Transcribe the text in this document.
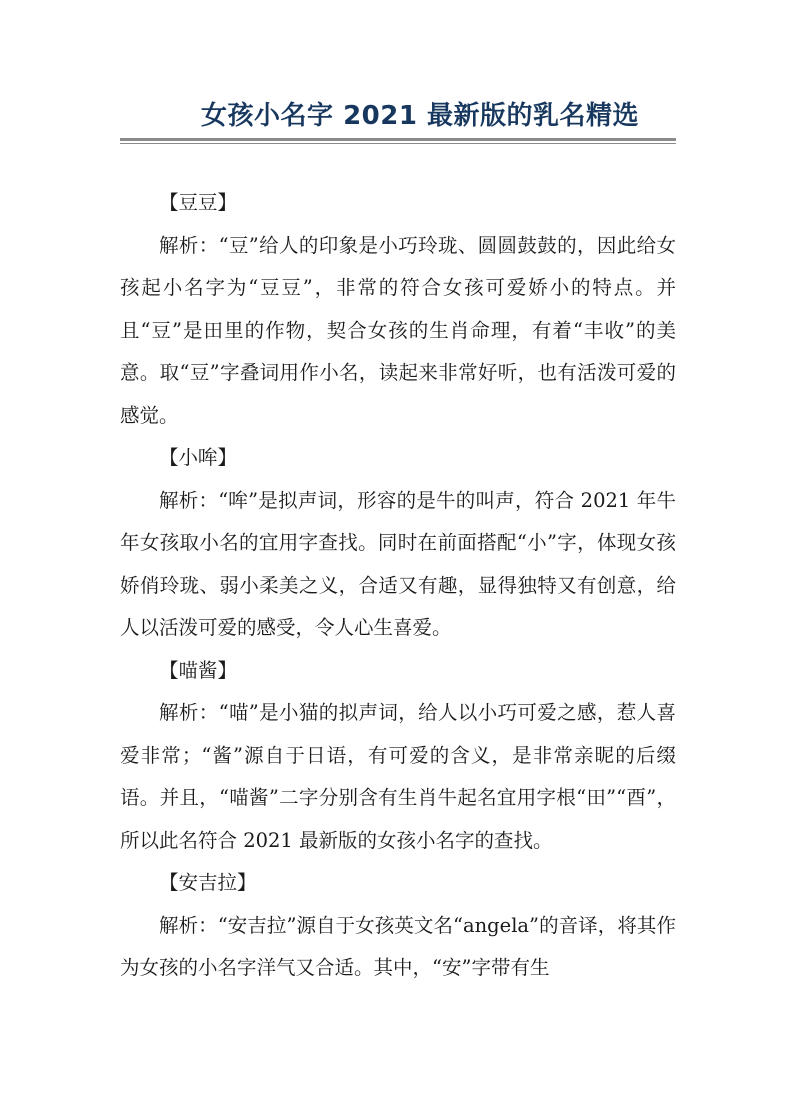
女孩小名字 2021 最新版的乳名精选

【豆豆】

解析：“豆”给人的印象是小巧玲珑、圆圆鼓鼓的，因此给女孩起小名字为“豆豆”，非常的符合女孩可爱娇小的特点。并且“豆”是田里的作物，契合女孩的生肖命理，有着“丰收”的美意。取“豆”字叠词用作小名，读起来非常好听，也有活泼可爱的感觉。

【小哞】

解析：“哞”是拟声词，形容的是牛的叫声，符合 2021 年牛年女孩取小名的宜用字查找。同时在前面搭配“小”字，体现女孩娇俏玲珑、弱小柔美之义，合适又有趣，显得独特又有创意，给人以活泼可爱的感受，令人心生喜爱。

【喵酱】

解析：“喵”是小猫的拟声词，给人以小巧可爱之感，惹人喜爱非常；“酱”源自于日语，有可爱的含义，是非常亲昵的后缀语。并且，“喵酱”二字分别含有生肖牛起名宜用字根“田”“酉”，所以此名符合 2021 最新版的女孩小名字的查找。

【安吉拉】

解析：“安吉拉”源自于女孩英文名“angela”的音译，将其作为女孩的小名字洋气又合适。其中，“安”字带有生
